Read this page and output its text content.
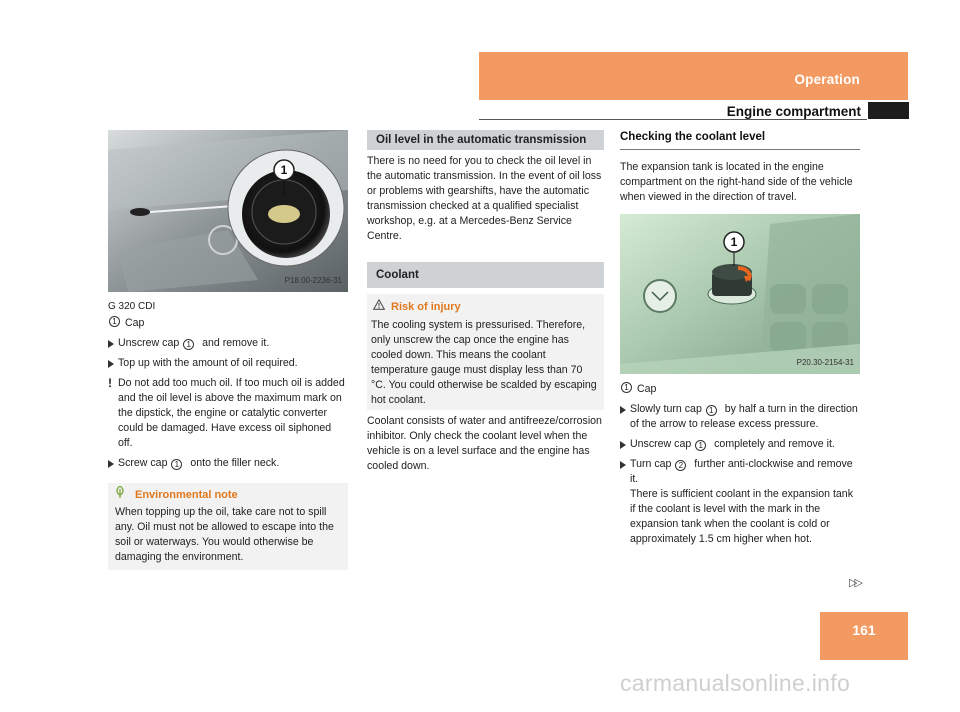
Operation
Engine compartment
1
P18.00-2236-31
G 320 CDI
1 Cap
Unscrew cap 1 and remove it.
Top up with the amount of oil required.
! Do not add too much oil. If too much oil is added and the oil level is above the maximum mark on the dipstick, the engine or catalytic converter could be damaged. Have excess oil siphoned off.
Screw cap 1 onto the filler neck.
Environmental note
When topping up the oil, take care not to spill any. Oil must not be allowed to escape into the soil or waterways. You would otherwise be damaging the environment.
Oil level in the automatic transmission
There is no need for you to check the oil level in the automatic transmission. In the event of oil loss or problems with gearshifts, have the automatic transmission checked at a qualified specialist workshop, e.g. at a Mercedes-Benz Service Centre.
Coolant
Risk of injury
The cooling system is pressurised. Therefore, only unscrew the cap once the engine has cooled down. This means the coolant temperature gauge must display less than 70 °C. You could otherwise be scalded by escaping hot coolant.
Coolant consists of water and antifreeze/corrosion inhibitor. Only check the coolant level when the vehicle is on a level surface and the engine has cooled down.
Checking the coolant level
The expansion tank is located in the engine compartment on the right-hand side of the vehicle when viewed in the direction of travel.
1
P20.30-2154-31
1 Cap
Slowly turn cap 1 by half a turn in the direction of the arrow to release excess pressure.
Unscrew cap 1 completely and remove it.
Turn cap 2 further anti-clockwise and remove it.
There is sufficient coolant in the expansion tank if the coolant is level with the mark in the expansion tank when the coolant is cold or approximately 1.5 cm higher when hot.
▷▷
161
carmanualsonline.info
